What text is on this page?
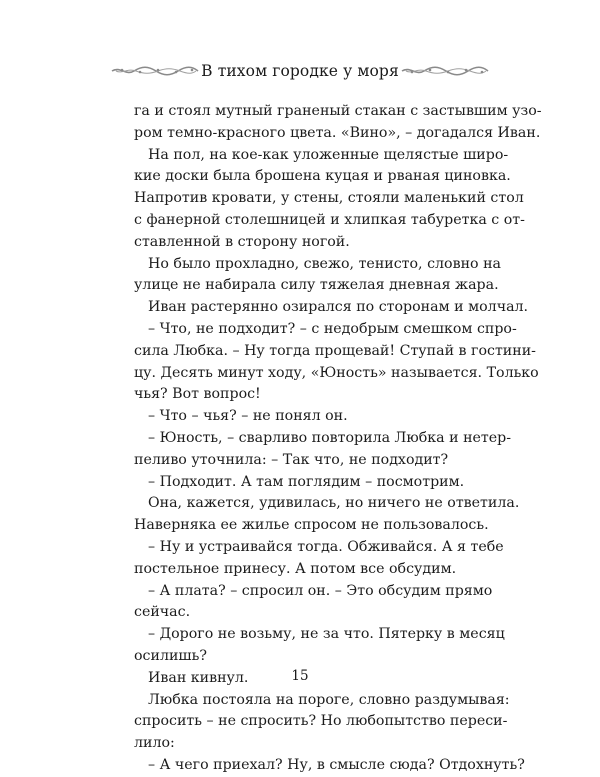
В тихом городке у моря
га и стоял мутный граненый стакан с застывшим узо-
ром темно-красного цвета. «Вино», – догадался Иван.
На пол, на кое-как уложенные щелястые широ-
кие доски была брошена куцая и рваная циновка.
Напротив кровати, у стены, стояли маленький стол
с фанерной столешницей и хлипкая табуретка с от-
ставленной в сторону ногой.
Но было прохладно, свежо, тенисто, словно на
улице не набирала силу тяжелая дневная жара.
Иван растерянно озирался по сторонам и молчал.
– Что, не подходит? – с недобрым смешком спро-
сила Любка. – Ну тогда прощевай! Ступай в гостини-
цу. Десять минут ходу, «Юность» называется. Только
чья? Вот вопрос!
– Что – чья? – не понял он.
– Юность, – сварливо повторила Любка и нетер-
пеливо уточнила: – Так что, не подходит?
– Подходит. А там поглядим – посмотрим.
Она, кажется, удивилась, но ничего не ответила.
Наверняка ее жилье спросом не пользовалось.
– Ну и устраивайся тогда. Обживайся. А я тебе
постельное принесу. А потом все обсудим.
– А плата? – спросил он. – Это обсудим прямо
сейчас.
– Дорого не возьму, не за что. Пятерку в месяц
осилишь?
Иван кивнул.
Любка постояла на пороге, словно раздумывая:
спросить – не спросить? Но любопытство переси-
лило:
– А чего приехал? Ну, в смысле сюда? Отдохнуть?
15
